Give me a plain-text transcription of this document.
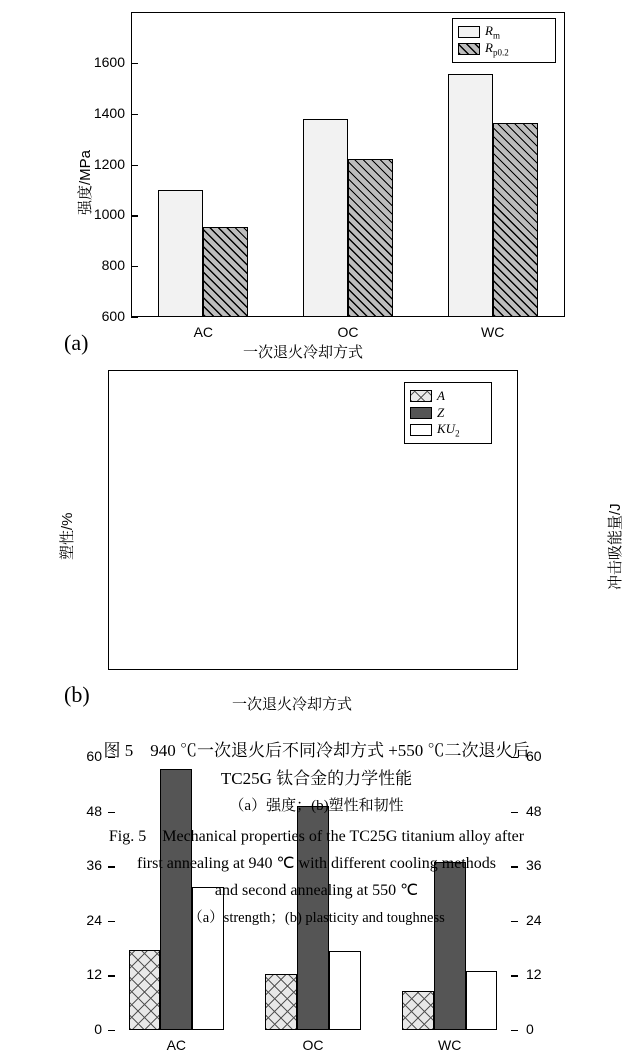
600
800
1000
1200
1400
1600
强度/MPa
AC	OC	WC
一次退火冷却方式
$R_m$
$R_{p0.2}$
(a)
0
12
24
36
48
60
0
12
24
36
48
60
塑性/%	冲击吸能量/J
AC	OC	WC
一次退火冷却方式
A
Z
$KU_2$
(b)
图 5　940 ℃一次退火后不同冷却方式 +550 ℃二次退火后
TC25G 钛合金的力学性能
（a）强度；(b)塑性和韧性
Fig. 5　Mechanical properties of the TC25G titanium alloy after
first annealing at 940 ℃ with different cooling methods
and second annealing at 550 ℃
（a）strength；(b) plasticity and toughness
